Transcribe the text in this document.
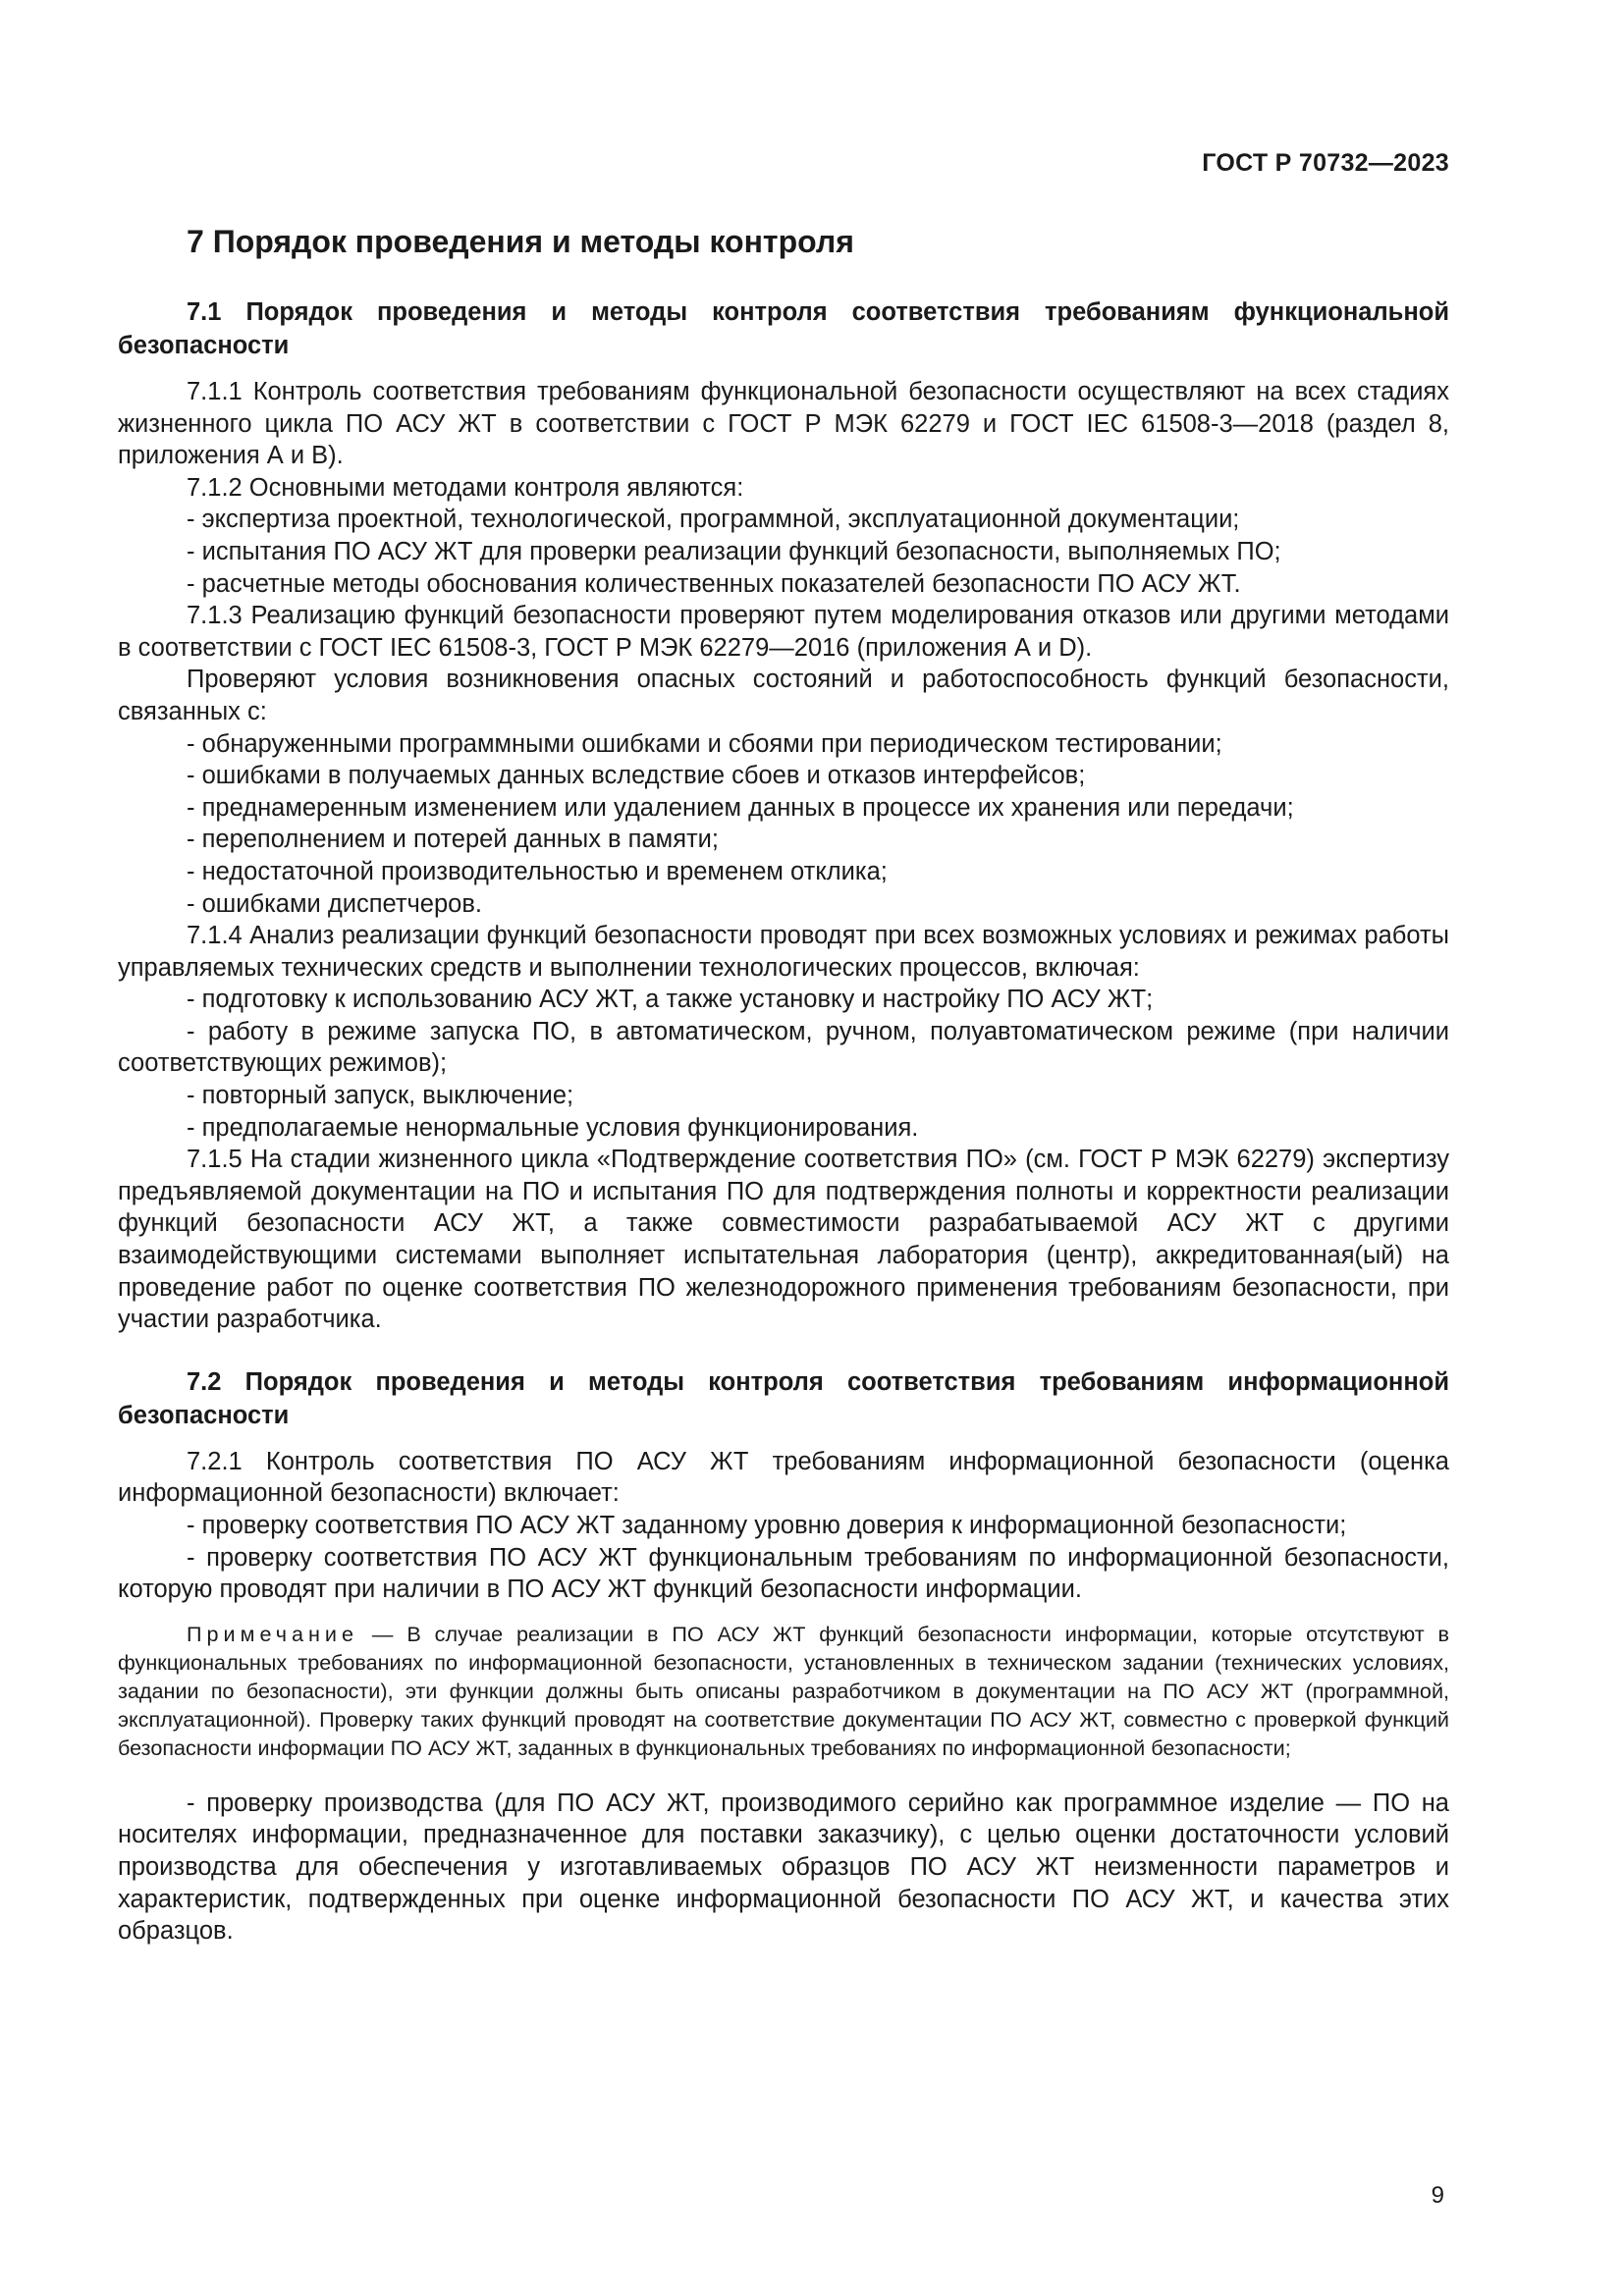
ГОСТ Р 70732—2023
7 Порядок проведения и методы контроля
7.1 Порядок проведения и методы контроля соответствия требованиям функциональной безопасности

7.1.1 Контроль соответствия требованиям функциональной безопасности осуществляют на всех стадиях жизненного цикла ПО АСУ ЖТ в соответствии с ГОСТ Р МЭК 62279 и ГОСТ IEC 61508-3—2018 (раздел 8, приложения А и В).

7.1.2 Основными методами контроля являются:

- экспертиза проектной, технологической, программной, эксплуатационной документации;

- испытания ПО АСУ ЖТ для проверки реализации функций безопасности, выполняемых ПО;

- расчетные методы обоснования количественных показателей безопасности ПО АСУ ЖТ.

7.1.3 Реализацию функций безопасности проверяют путем моделирования отказов или другими методами в соответствии с ГОСТ IEC 61508-3, ГОСТ Р МЭК 62279—2016 (приложения А и D).

Проверяют условия возникновения опасных состояний и работоспособность функций безопасности, связанных с:

- обнаруженными программными ошибками и сбоями при периодическом тестировании;

- ошибками в получаемых данных вследствие сбоев и отказов интерфейсов;

- преднамеренным изменением или удалением данных в процессе их хранения или передачи;

- переполнением и потерей данных в памяти;

- недостаточной производительностью и временем отклика;

- ошибками диспетчеров.

7.1.4 Анализ реализации функций безопасности проводят при всех возможных условиях и режимах работы управляемых технических средств и выполнении технологических процессов, включая:

- подготовку к использованию АСУ ЖТ, а также установку и настройку ПО АСУ ЖТ;

- работу в режиме запуска ПО, в автоматическом, ручном, полуавтоматическом режиме (при наличии соответствующих режимов);

- повторный запуск, выключение;

- предполагаемые ненормальные условия функционирования.

7.1.5 На стадии жизненного цикла «Подтверждение соответствия ПО» (см. ГОСТ Р МЭК 62279) экспертизу предъявляемой документации на ПО и испытания ПО для подтверждения полноты и корректности реализации функций безопасности АСУ ЖТ, а также совместимости разрабатываемой АСУ ЖТ с другими взаимодействующими системами выполняет испытательная лаборатория (центр), аккредитованная(ый) на проведение работ по оценке соответствия ПО железнодорожного применения требованиям безопасности, при участии разработчика.

7.2 Порядок проведения и методы контроля соответствия требованиям информационной безопасности

7.2.1 Контроль соответствия ПО АСУ ЖТ требованиям информационной безопасности (оценка информационной безопасности) включает:

- проверку соответствия ПО АСУ ЖТ заданному уровню доверия к информационной безопасности;

- проверку соответствия ПО АСУ ЖТ функциональным требованиям по информационной безопасности, которую проводят при наличии в ПО АСУ ЖТ функций безопасности информации.

Примечание — В случае реализации в ПО АСУ ЖТ функций безопасности информации, которые отсутствуют в функциональных требованиях по информационной безопасности, установленных в техническом задании (технических условиях, задании по безопасности), эти функции должны быть описаны разработчиком в документации на ПО АСУ ЖТ (программной, эксплуатационной). Проверку таких функций проводят на соответствие документации ПО АСУ ЖТ, совместно с проверкой функций безопасности информации ПО АСУ ЖТ, заданных в функциональных требованиях по информационной безопасности;

- проверку производства (для ПО АСУ ЖТ, производимого серийно как программное изделие — ПО на носителях информации, предназначенное для поставки заказчику), с целью оценки достаточности условий производства для обеспечения у изготавливаемых образцов ПО АСУ ЖТ неизменности параметров и характеристик, подтвержденных при оценке информационной безопасности ПО АСУ ЖТ, и качества этих образцов.

9
